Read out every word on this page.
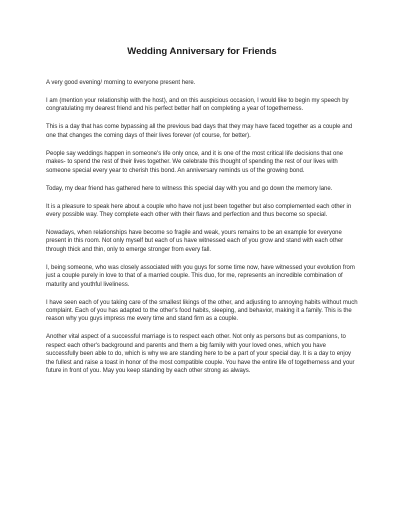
Wedding Anniversary for Friends

A very good evening/ morning to everyone present here.

I am (mention your relationship with the host), and on this auspicious occasion, I would like to begin my speech by congratulating my dearest friend and his perfect better half on completing a year of togetherness.

This is a day that has come bypassing all the previous bad days that they may have faced together as a couple and one that changes the coming days of their lives forever (of course, for better).

People say weddings happen in someone's life only once, and it is one of the most critical life decisions that one makes- to spend the rest of their lives together. We celebrate this thought of spending the rest of our lives with someone special every year to cherish this bond. An anniversary reminds us of the growing bond.

Today, my dear friend has gathered here to witness this special day with you and go down the memory lane.

It is a pleasure to speak here about a couple who have not just been together but also complemented each other in every possible way. They complete each other with their flaws and perfection and thus become so special.

Nowadays, when relationships have become so fragile and weak, yours remains to be an example for everyone present in this room. Not only myself but each of us have witnessed each of you grow and stand with each other through thick and thin, only to emerge stronger from every fall.

I, being someone, who was closely associated with you guys for some time now, have witnessed your evolution from just a couple purely in love to that of a married couple. This duo, for me, represents an incredible combination of maturity and youthful liveliness.

I have seen each of you taking care of the smallest likings of the other, and adjusting to annoying habits without much complaint. Each of you has adapted to the other's food habits, sleeping, and behavior, making it a family. This is the reason why you guys impress me every time and stand firm as a couple.

Another vital aspect of a successful marriage is to respect each other. Not only as persons but as companions, to respect each other's background and parents and them a big family with your loved ones, which you have successfully been able to do, which is why we are standing here to be a part of your special day. It is a day to enjoy the fullest and raise a toast in honor of the most compatible couple. You have the entire life of togetherness and your future in front of you. May you keep standing by each other strong as always.
